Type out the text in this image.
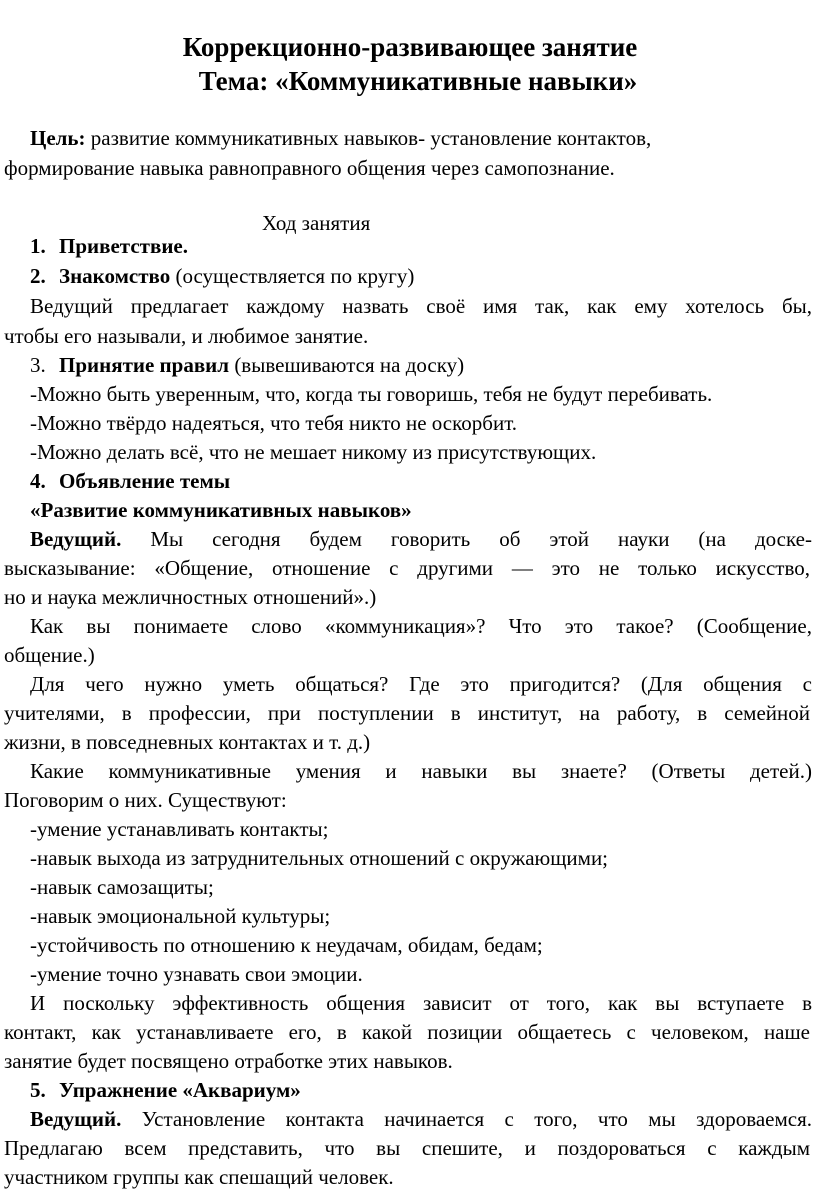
Коррекционно-развивающее занятие
Тема: «Коммуникативные навыки»
Цель: развитие коммуникативных навыков- установление контактов,
формирование навыка равноправного общения через самопознание.
Ход занятия
1. Приветствие.
2. Знакомство (осуществляется по кругу)
Ведущий предлагает каждому назвать своё имя так, как ему хотелось бы,
чтобы его называли, и любимое занятие.
3. Принятие правил (вывешиваются на доску)
-Можно быть уверенным, что, когда ты говоришь, тебя не будут перебивать.
-Можно твёрдо надеяться, что тебя никто не оскорбит.
-Можно делать всё, что не мешает никому из присутствующих.
4. Объявление темы
«Развитие коммуникативных навыков»
Ведущий. Мы сегодня будем говорить об этой науки (на доске-
высказывание: «Общение, отношение с другими — это не только искусство,
но и наука межличностных отношений».)
Как вы понимаете слово «коммуникация»? Что это такое? (Сообщение,
общение.)
Для чего нужно уметь общаться? Где это пригодится? (Для общения с
учителями, в профессии, при поступлении в институт, на работу, в семейной
жизни, в повседневных контактах и т. д.)
Какие коммуникативные умения и навыки вы знаете? (Ответы детей.)
Поговорим о них. Существуют:
-умение устанавливать контакты;
-навык выхода из затруднительных отношений с окружающими;
-навык самозащиты;
-навык эмоциональной культуры;
-устойчивость по отношению к неудачам, обидам, бедам;
-умение точно узнавать свои эмоции.
И поскольку эффективность общения зависит от того, как вы вступаете в
контакт, как устанавливаете его, в какой позиции общаетесь с человеком, наше
занятие будет посвящено отработке этих навыков.
5. Упражнение «Аквариум»
Ведущий. Установление контакта начинается с того, что мы здороваемся.
Предлагаю всем представить, что вы спешите, и поздороваться с каждым
участником группы как спешащий человек.
